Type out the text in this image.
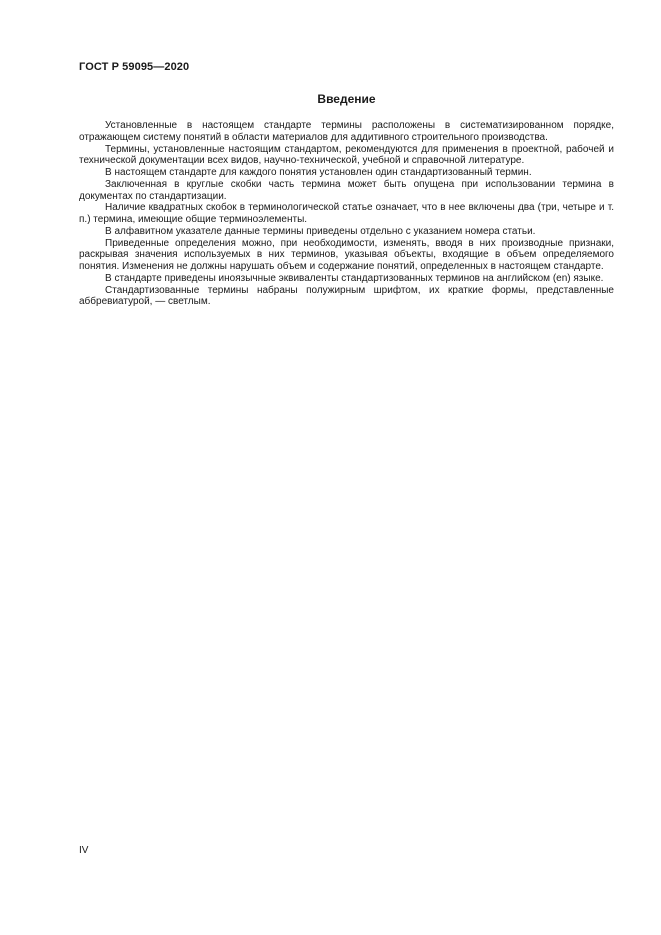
ГОСТ Р 59095—2020
Введение

Установленные в настоящем стандарте термины расположены в систематизированном порядке, отражающем систему понятий в области материалов для аддитивного строительного производства.

Термины, установленные настоящим стандартом, рекомендуются для применения в проектной, рабочей и технической документации всех видов, научно-технической, учебной и справочной литературе.

В настоящем стандарте для каждого понятия установлен один стандартизованный термин.

Заключенная в круглые скобки часть термина может быть опущена при использовании термина в документах по стандартизации.

Наличие квадратных скобок в терминологической статье означает, что в нее включены два (три, четыре и т. п.) термина, имеющие общие терминоэлементы.

В алфавитном указателе данные термины приведены отдельно с указанием номера статьи.

Приведенные определения можно, при необходимости, изменять, вводя в них производные признаки, раскрывая значения используемых в них терминов, указывая объекты, входящие в объем определяемого понятия. Изменения не должны нарушать объем и содержание понятий, определенных в настоящем стандарте.

В стандарте приведены иноязычные эквиваленты стандартизованных терминов на английском (en) языке.

Стандартизованные термины набраны полужирным шрифтом, их краткие формы, представленные аббревиатурой, — светлым.

IV
